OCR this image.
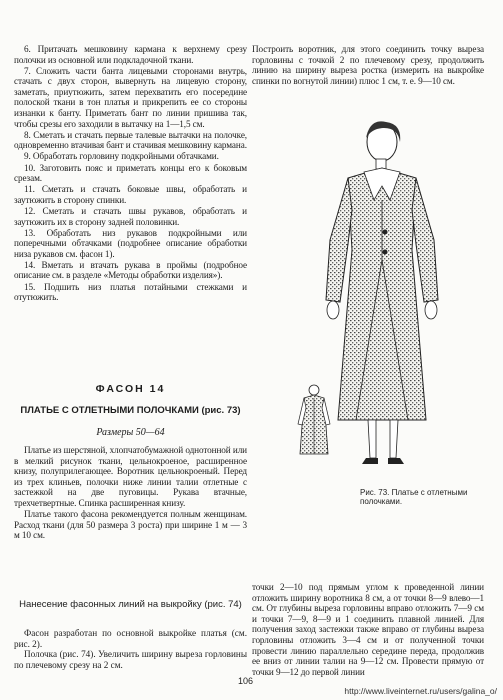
6. Притачать мешковину кармана к верхнему срезу полочки из основной или подкладочной ткани.

7. Сложить части банта лицевыми сторонами внутрь, стачать с двух сторон, вывернуть на лицевую сторону, заметать, приутюжить, затем перехватить его посередине полоской ткани в тон платья и прикрепить ее со стороны изнанки к банту. Приметать бант по линии пришива так, чтобы срезы его заходили в вытачку на 1—1,5 см.

8. Сметать и стачать первые талевые вытачки на полочке, одновременно втачивая бант и стачивая мешковину кармана.

9. Обработать горловину подкройными обтачками.

10. Заготовить пояс и приметать концы его к боковым срезам.

11. Сметать и стачать боковые швы, обработать и заутюжить в сторону спинки.

12. Сметать и стачать швы рукавов, обработать и заутюжить их в сторону задней половинки.

13. Обработать низ рукавов подкройными или поперечными обтачками (подробнее описание обработки низа рукавов см. фасон 1).

14. Вметать и втачать рукава в проймы (подробное описание см. в разделе «Методы обработки изделия»).

15. Подшить низ платья потайными стежками и отутюжить.

ФАСОН 14
ПЛАТЬЕ С ОТЛЕТНЫМИ ПОЛОЧКАМИ (рис. 73)
Размеры 50—64

Платье из шерстяной, хлопчатобумажной однотонной или в мелкий рисунок ткани, цельнокроеное, расширенное книзу, полуприлегающее. Воротник цельнокроеный. Перед из трех клиньев, полочки ниже линии талии отлетные с застежкой на две пуговицы. Рукава втачные, трехчетвертные. Спинка расширенная книзу.

Платье такого фасона рекомендуется полным женщинам. Расход ткани (для 50 размера 3 роста) при ширине 1 м — 3 м 10 см.

Нанесение фасонных линий на выкройку (рис. 74)

Фасон разработан по основной выкройке платья (см. рис. 2).

Полочка (рис. 74). Увеличить ширину выреза горловины по плечевому срезу на 2 см.

Построить воротник, для этого соединить точку выреза горловины с точкой 2 по плечевому срезу, продолжить линию на ширину выреза ростка (измерить на выкройке спинки по вогнутой линии) плюс 1 см, т. е. 9—10 см.

Рис. 73. Платье с отлетными полочками.

точки 2—10 под прямым углом к проведенной линии отложить ширину воротника 8 см, а от точки 8—9 влево—1 см. От глубины выреза горловины вправо отложить 7—9 см и точки 7—9, 8—9 и 1 соединить плавной линией. Для получения заход застежки также вправо от глубины выреза горловины отложить 3—4 см и от полученной точки провести линию параллельно середине переда, продолжив ее вниз от линии талии на 9—12 см. Провести прямую от точки 9—12 до первой линии

106
http://www.liveinternet.ru/users/galina_o/
